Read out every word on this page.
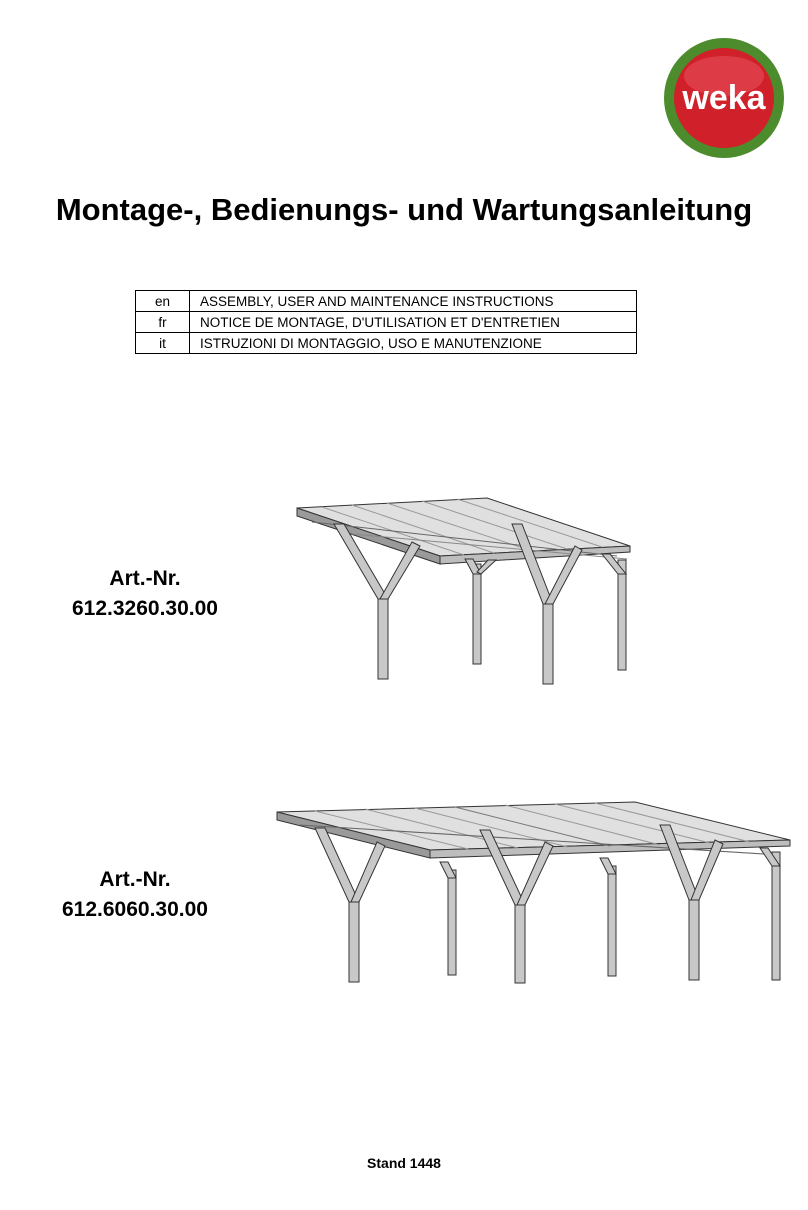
weka
Montage-, Bedienungs- und Wartungsanleitung
en	ASSEMBLY, USER AND MAINTENANCE INSTRUCTIONS
fr	NOTICE DE MONTAGE, D'UTILISATION ET D'ENTRETIEN
it	ISTRUZIONI DI MONTAGGIO, USO E MANUTENZIONE
Art.-Nr.
612.3260.30.00
Art.-Nr.
612.6060.30.00
Stand 1448
